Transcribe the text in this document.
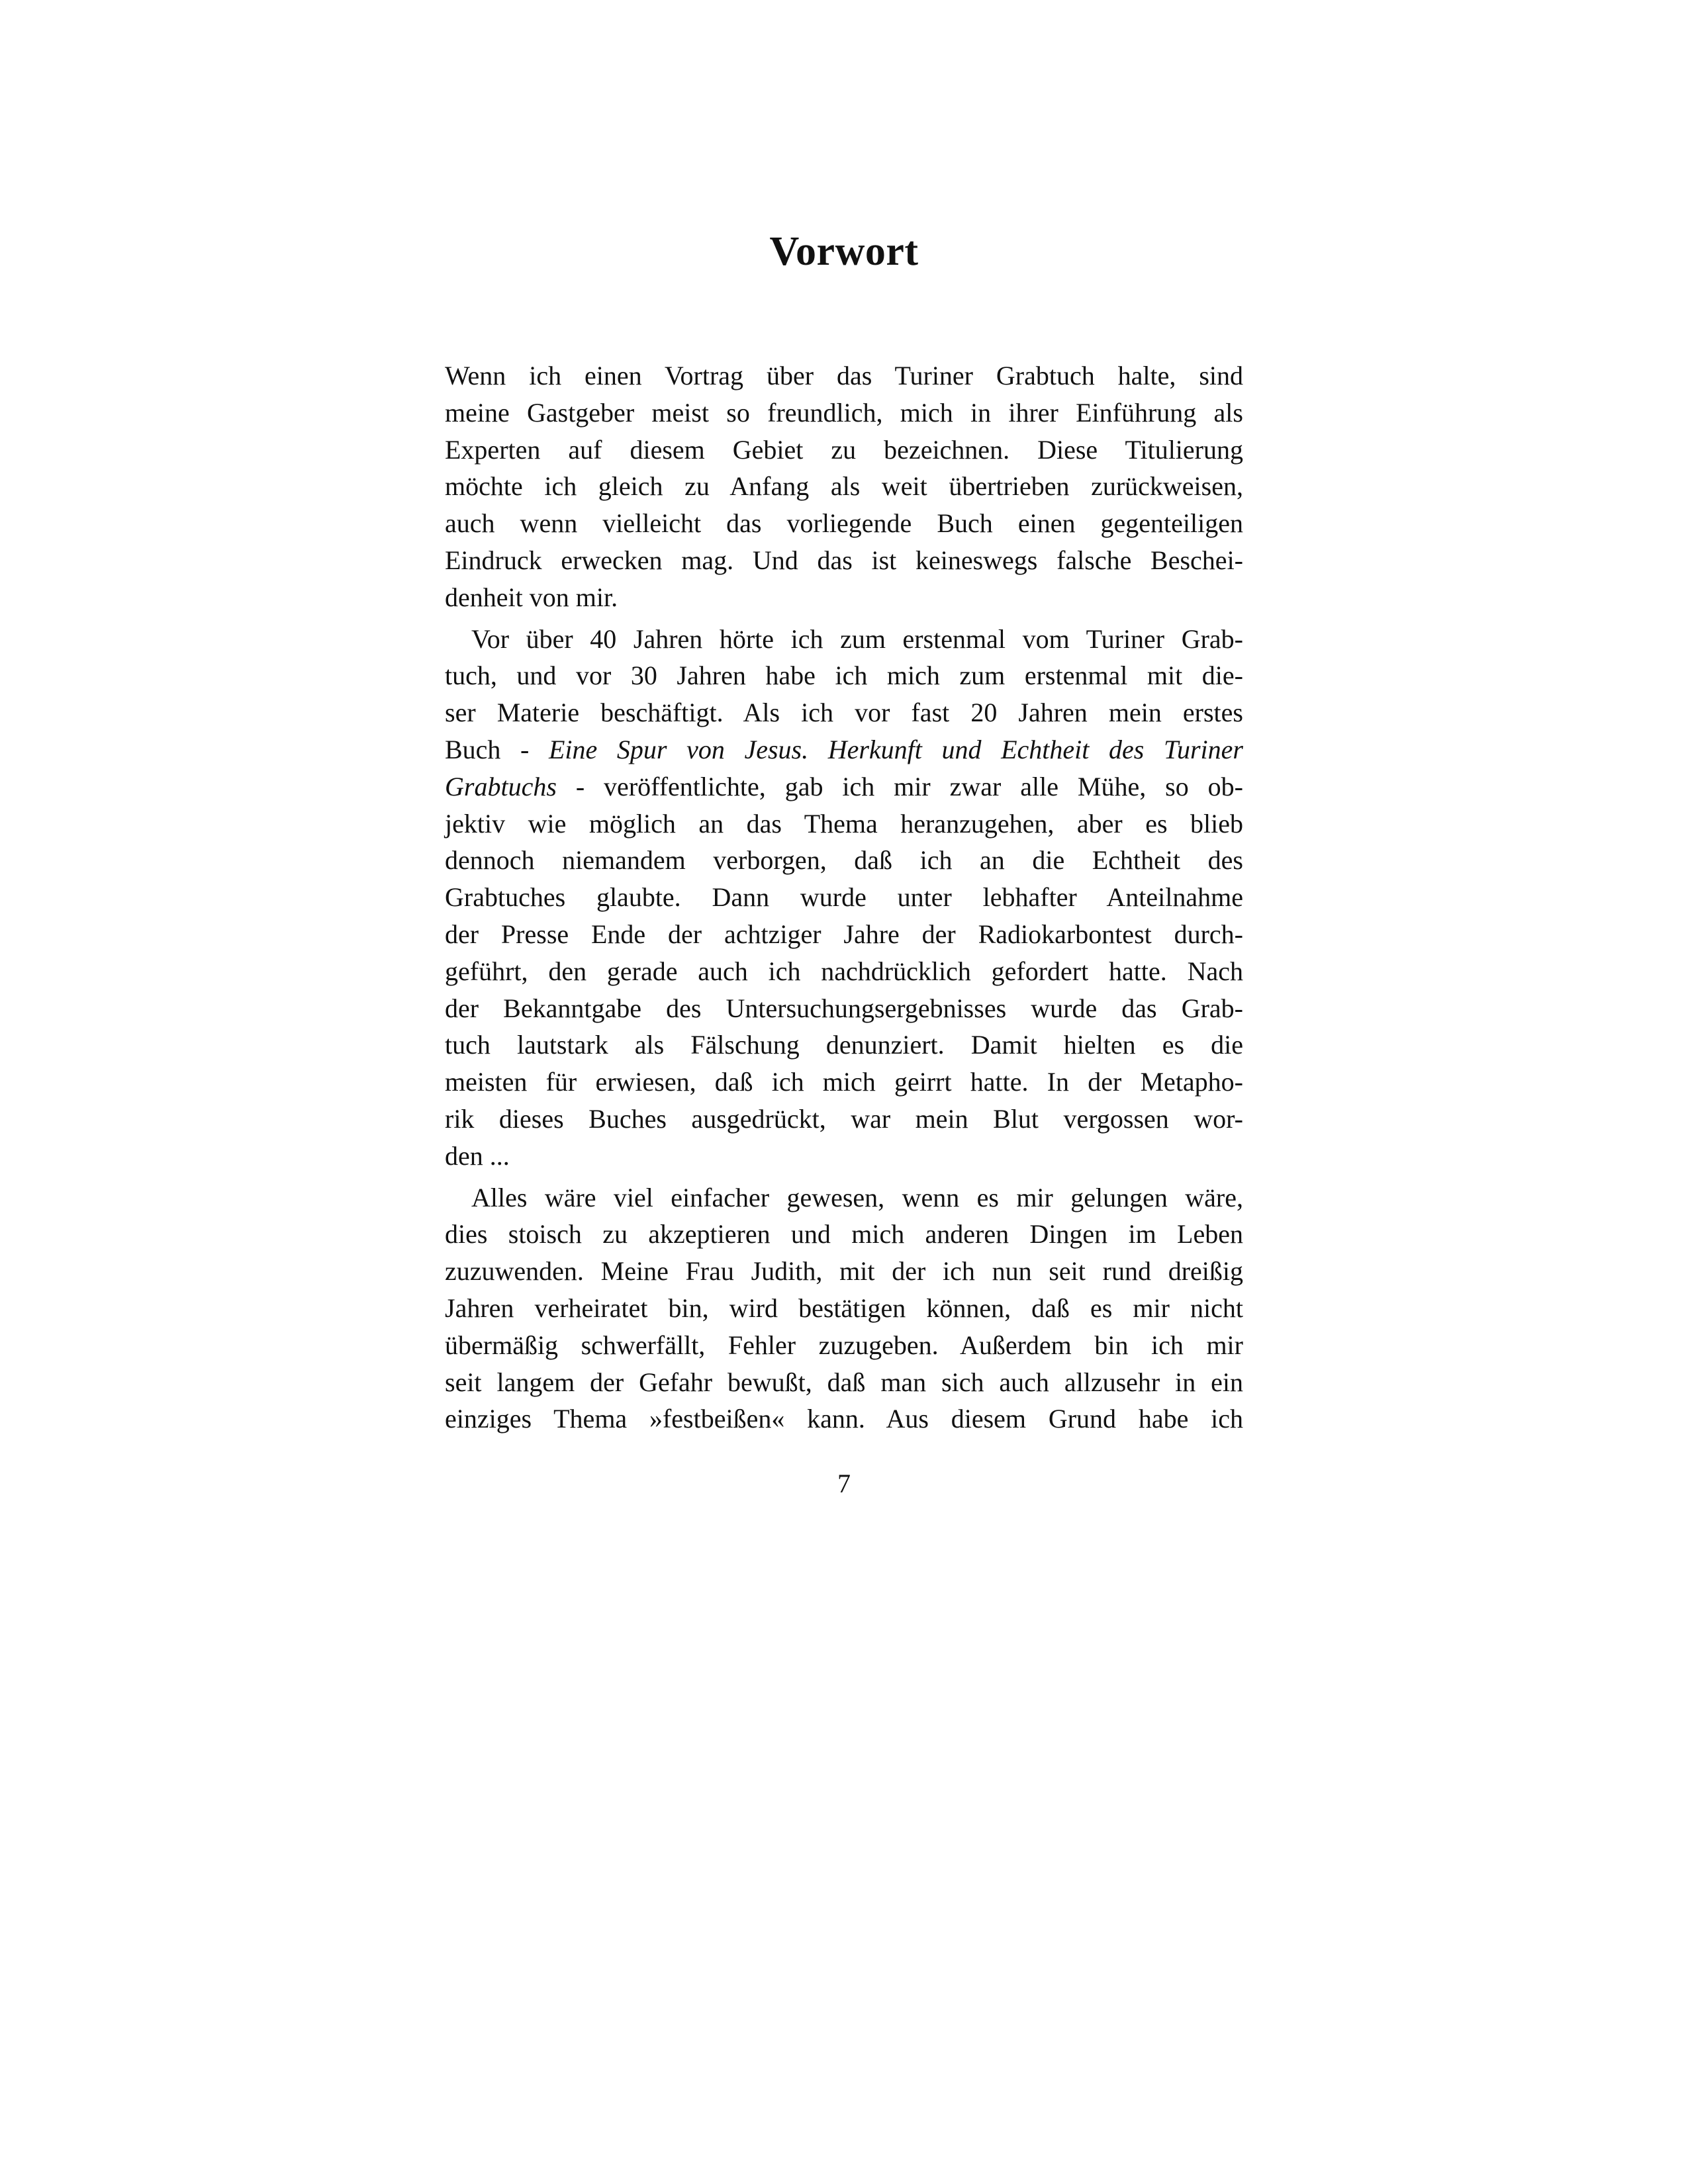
Vorwort
Wenn ich einen Vortrag über das Turiner Grabtuch halte, sind
meine Gastgeber meist so freundlich, mich in ihrer Einführung als
Experten auf diesem Gebiet zu bezeichnen. Diese Titulierung
möchte ich gleich zu Anfang als weit übertrieben zurückweisen,
auch wenn vielleicht das vorliegende Buch einen gegenteiligen
Eindruck erwecken mag. Und das ist keineswegs falsche Beschei-
denheit von mir.
Vor über 40 Jahren hörte ich zum erstenmal vom Turiner Grab-
tuch, und vor 30 Jahren habe ich mich zum erstenmal mit die-
ser Materie beschäftigt. Als ich vor fast 20 Jahren mein erstes
Buch - Eine Spur von Jesus. Herkunft und Echtheit des Turiner
Grabtuchs - veröffentlichte, gab ich mir zwar alle Mühe, so ob-
jektiv wie möglich an das Thema heranzugehen, aber es blieb
dennoch niemandem verborgen, daß ich an die Echtheit des
Grabtuches glaubte. Dann wurde unter lebhafter Anteilnahme
der Presse Ende der achtziger Jahre der Radiokarbontest durch-
geführt, den gerade auch ich nachdrücklich gefordert hatte. Nach
der Bekanntgabe des Untersuchungsergebnisses wurde das Grab-
tuch lautstark als Fälschung denunziert. Damit hielten es die
meisten für erwiesen, daß ich mich geirrt hatte. In der Metapho-
rik dieses Buches ausgedrückt, war mein Blut vergossen wor-
den ...
Alles wäre viel einfacher gewesen, wenn es mir gelungen wäre,
dies stoisch zu akzeptieren und mich anderen Dingen im Leben
zuzuwenden. Meine Frau Judith, mit der ich nun seit rund dreißig
Jahren verheiratet bin, wird bestätigen können, daß es mir nicht
übermäßig schwerfällt, Fehler zuzugeben. Außerdem bin ich mir
seit langem der Gefahr bewußt, daß man sich auch allzusehr in ein
einziges Thema »festbeißen« kann. Aus diesem Grund habe ich
7
